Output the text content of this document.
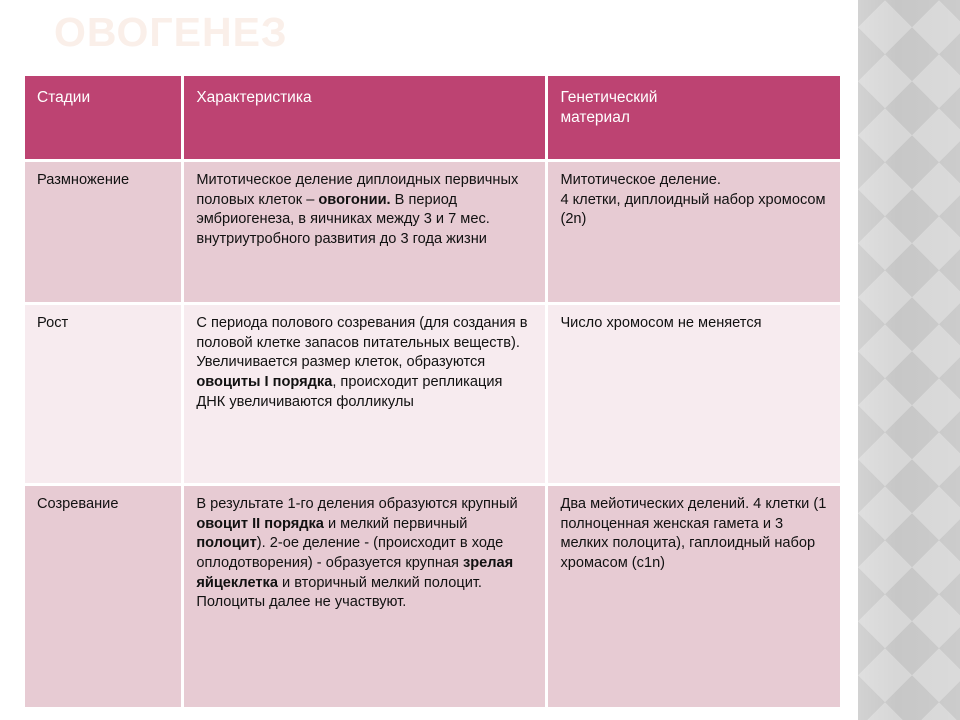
ОВОГЕНЕЗ
Стадии	Характеристика	Генетический
материал
Размножение	Митотическое деление диплоидных первичных половых клеток – овогонии. В период эмбриогенеза, в яичниках между 3 и 7 мес. внутриутробного развития до 3 года жизни	Митотическое деление.
4 клетки, диплоидный набор хромосом (2n)
Рост	С периода полового созревания (для создания в половой клетке запасов питательных веществ). Увеличивается размер клеток, образуются овоциты I порядка, происходит репликация ДНК увеличиваются фолликулы	Число хромосом не меняется
Созревание	В результате 1-го деления образуются крупный овоцит II порядка и мелкий первичный полоцит). 2-ое деление - (происходит в ходе оплодотворения) - образуется крупная зрелая яйцеклетка и вторичный мелкий полоцит. Полоциты далее не участвуют.	Два мейотических делений. 4 клетки (1 полноценная женская гамета и 3 мелких полоцита), гаплоидный набор хромасом (с1n)
